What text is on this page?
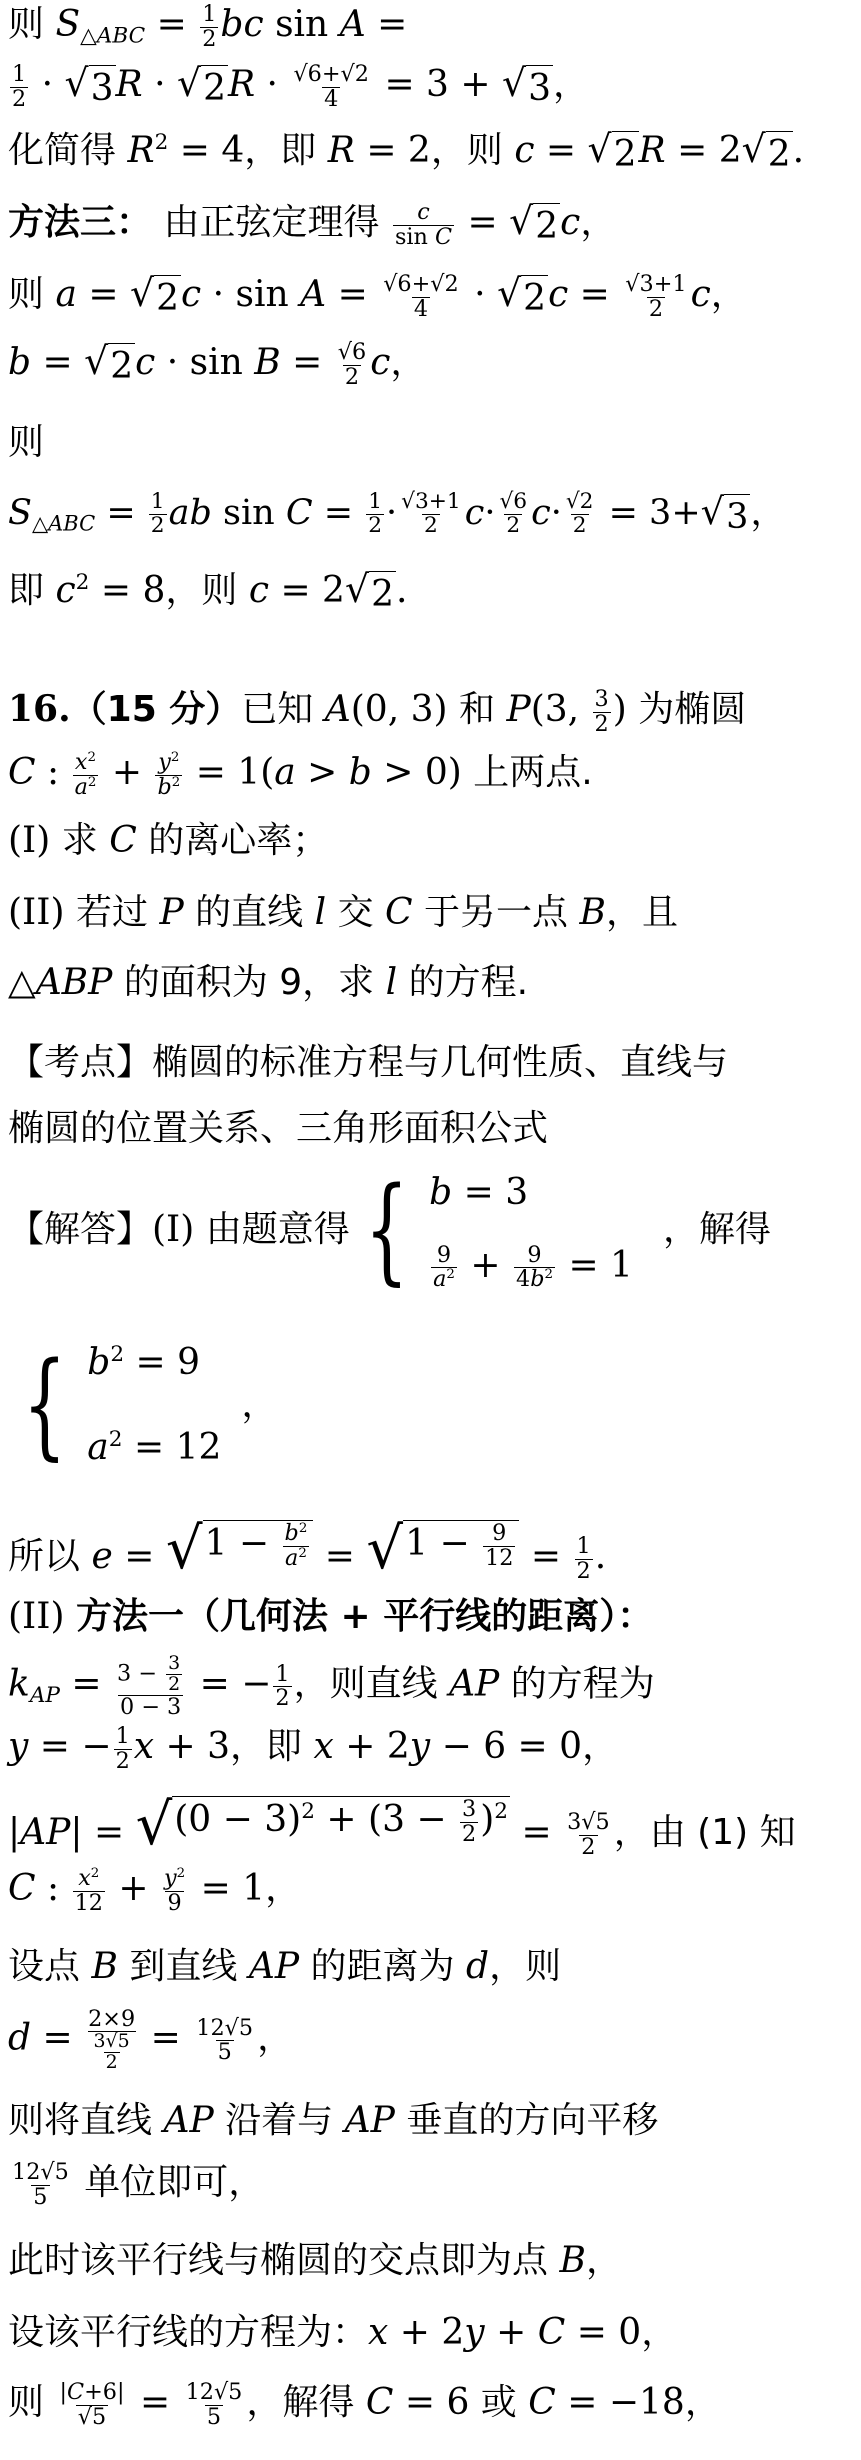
则 $S_{\triangle ABC} = \frac{1}{2}$ bc sin A =
$\frac{1}{2}$ · √ 3 R · √ 2 $R \cdot \frac{√6+√2}{4} = 3$ + √ 3 ，
化简得 $R^2 = 4$，即 R = 2，则 c = √ 2 R = 2 √ 2 .
方法三： 由正弦定理得 $\frac{c}{\text{sin C}}$ = √ 2 c，
则 a = √ 2 $c \cdot \sin A = \frac{√6+√2}{4}$ · √ 2 $c = \frac{√3+1}{2}$ c，
b = √ 2 $c \cdot \sin B = \frac{√6}{2}$ c，
则
$S_{\triangle ABC} = \frac{1}{2}$ ab $\sin C = \frac{1}{2} \cdot \frac{√3+1}{2} c\cdot \frac{√6}{2} c\cdot \frac{√2}{2} = 3+$ √ 3 ，
即 $c^2 = 8$，则 c = 2 √ 2 .
16.（15 分）已知 A(0, 3) 和 P(3, $\frac{3}{2}$ ) 为椭圆
C : $\frac{x^2}{a^2} + \frac{y^2}{b^2} = 1(a > b > 0)$ 上两点.
(I) 求 C 的离心率；
(II) 若过 P 的直线 l 交 C 于另一点 B，且
△ABP 的面积为 9，求 l 的方程.
【考点】椭圆的标准方程与几何性质、直线与
椭圆的位置关系、三角形面积公式
【解答】 (I)
由题意得 { b = 3
$\frac{9}{a^2} + \frac{9}{4b^2} = 1$
，解得
{ $b^2 = 9$
$a^2 = 12$
，
所以 e = √ $1 - \frac{b^2}{a^2}$ = √ $1 - \frac{9}{12} = \frac{1}{2}$ .
(II) 方法一（几何法 + 平行线的距离）：
$k_{AP} = \frac{3 - \frac{3}{2}}{0 - 3}$ = − $\frac{1}{2}$ ，则直线 AP 的方程为
y = − $\frac{1}{2}$ x + 3，即 x + 2y − 6 = 0，
|AP| = √ $(0 - 3)^2 + (3 - \frac{3}{2} )^2$
= $\frac{3√5}{2}$ ，由 (1) 知
C : $\frac{x^2}{12} + \frac{y^2}{9} = 1$，
设点 B 到直线 AP 的距离为 d，则
$d = \frac{2\times 9}{\frac{3√5}{2}} = \frac{12√5}{5}$ ，
则将直线 AP 沿着与 AP 垂直的方向平移
$\frac{12√5}{5}$ 单位即可，
此时该平行线与椭圆的交点即为点 B，
设该平行线的方程为：x + 2y + C = 0，
则 $\frac{|C+6|}{√5} = \frac{12√5}{5}$ ，解得 C = 6 或 C = −18，
